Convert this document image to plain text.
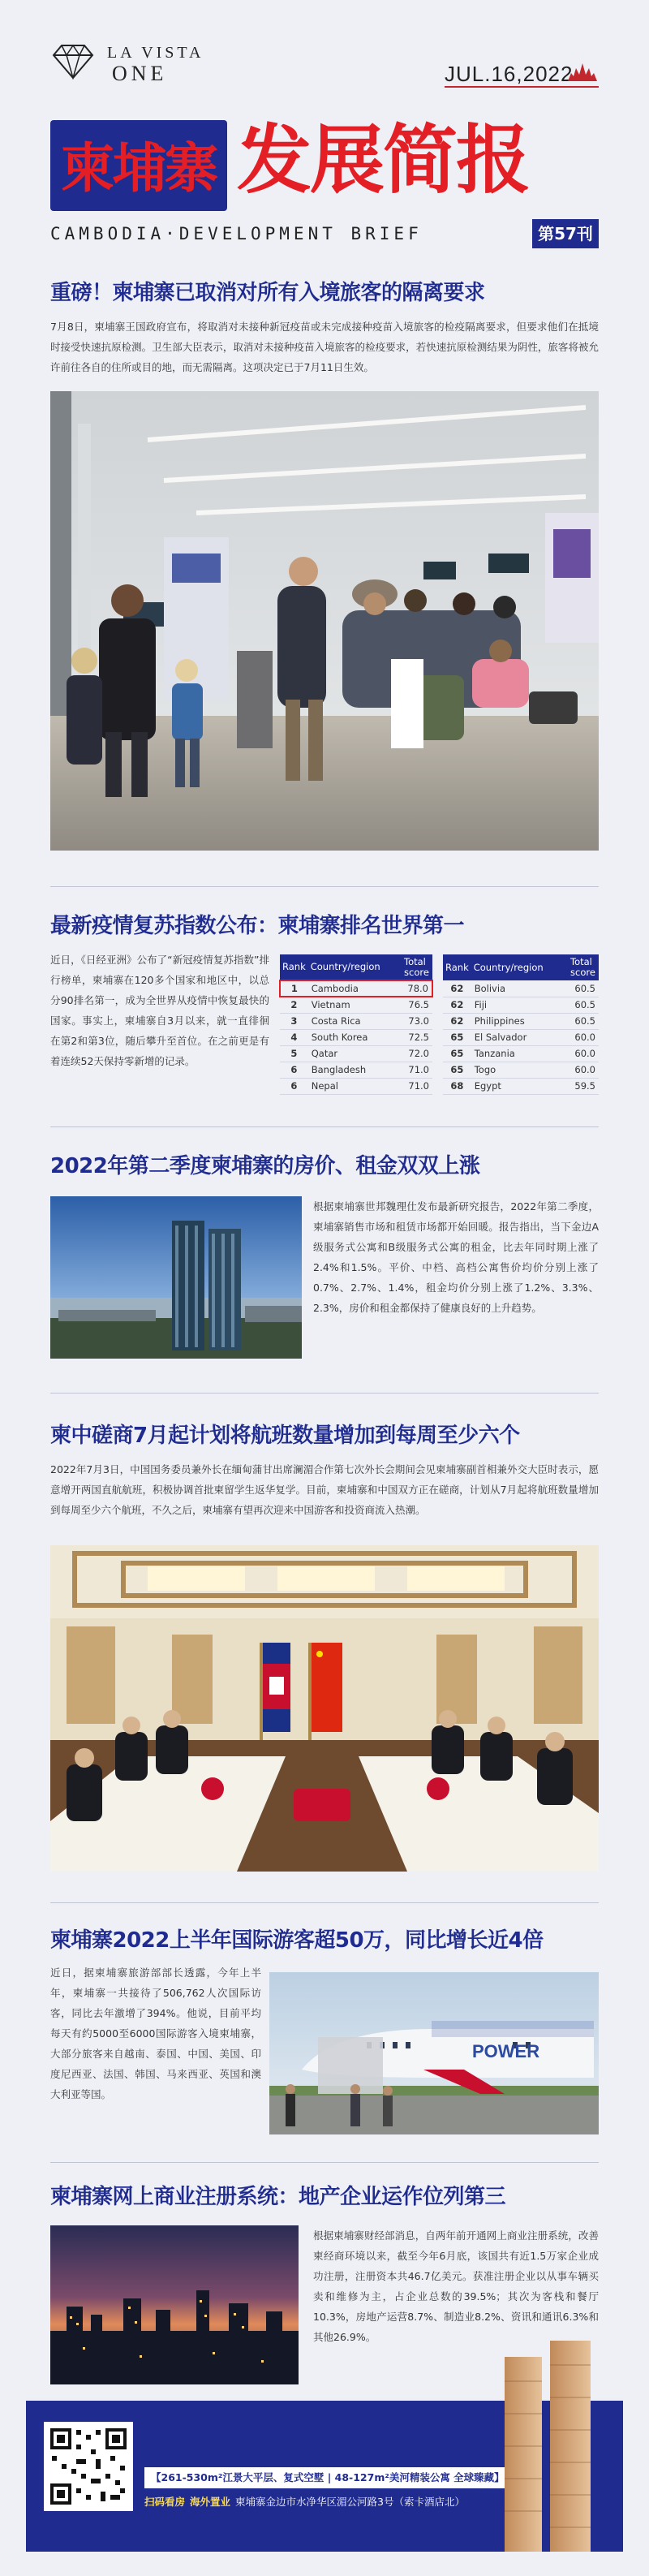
LA VISTA
ONE	JUL.16,2022
柬埔寨 发展简报
CAMBODIA·DEVELOPMENT BRIEF	第57刊
重磅！柬埔寨已取消对所有入境旅客的隔离要求
7月8日，柬埔寨王国政府宣布，将取消对未接种新冠疫苗或未完成接种疫苗入境旅客的检疫隔离要求，但要求他们在抵境时接受快速抗原检测。卫生部大臣表示，取消对未接种疫苗入境旅客的检疫要求，若快速抗原检测结果为阴性，旅客将被允许前往各自的住所或目的地，而无需隔离。这项决定已于7月11日生效。
最新疫情复苏指数公布：柬埔寨排名世界第一
近日，《日经亚洲》公布了“新冠疫情复苏指数”排行榜单，柬埔寨在120多个国家和地区中，以总分90排名第一，成为全世界从疫情中恢复最快的国家。事实上，柬埔寨自3月以来，就一直徘徊在第2和第3位，随后攀升至首位。在之前更是有着连续52天保持零新增的记录。
Rank	Country/region	Total score
1	Cambodia	78.0
2	Vietnam	76.5
3	Costa Rica	73.0
4	South Korea	72.5
5	Qatar	72.0
6	Bangladesh	71.0
6	Nepal	71.0
Rank	Country/region	Total score
62	Bolivia	60.5
62	Fiji	60.5
62	Philippines	60.5
65	El Salvador	60.0
65	Tanzania	60.0
65	Togo	60.0
68	Egypt	59.5
2022年第二季度柬埔寨的房价、租金双双上涨
根据柬埔寨世邦魏理仕发布最新研究报告，2022年第二季度，柬埔寨销售市场和租赁市场都开始回暖。报告指出，当下金边A级服务式公寓和B级服务式公寓的租金，比去年同时期上涨了2.4%和1.5%。平价、中档、高档公寓售价均价分别上涨了0.7%、2.7%、1.4%，租金均价分别上涨了1.2%、3.3%、2.3%，房价和租金都保持了健康良好的上升趋势。
柬中磋商7月起计划将航班数量增加到每周至少六个
2022年7月3日，中国国务委员兼外长在缅甸蒲甘出席澜湄合作第七次外长会期间会见柬埔寨副首相兼外交大臣时表示，愿意增开两国直航航班，积极协调首批柬留学生返华复学。目前，柬埔寨和中国双方正在磋商，计划从7月起将航班数量增加到每周至少六个航班，不久之后，柬埔寨有望再次迎来中国游客和投资商流入热潮。
柬埔寨2022上半年国际游客超50万，同比增长近4倍
近日，据柬埔寨旅游部部长透露，今年上半年，柬埔寨一共接待了506,762人次国际访客，同比去年激增了394%。他说，目前平均每天有约5000至6000国际游客入境柬埔寨，大部分旅客来自越南、泰国、中国、美国、印度尼西亚、法国、韩国、马来西亚、英国和澳大利亚等国。
POWER
柬埔寨网上商业注册系统：地产企业运作位列第三
根据柬埔寨财经部消息，自两年前开通网上商业注册系统，改善柬经商环境以来，截至今年6月底，该国共有近1.5万家企业成功注册，注册资本共46.7亿美元。获准注册企业以从事车辆买卖和维修为主，占企业总数的39.5%；其次为客栈和餐厅10.3%，房地产运营8.7%、制造业8.2%、资讯和通讯6.3%和其他26.9%。
【261-530m²江景大平层、复式空墅 | 48-127m²美河精装公寓 全球臻藏】
扫码看房 海外置业 柬埔寨金边市水净华区湄公河路3号（索卡酒店北）
